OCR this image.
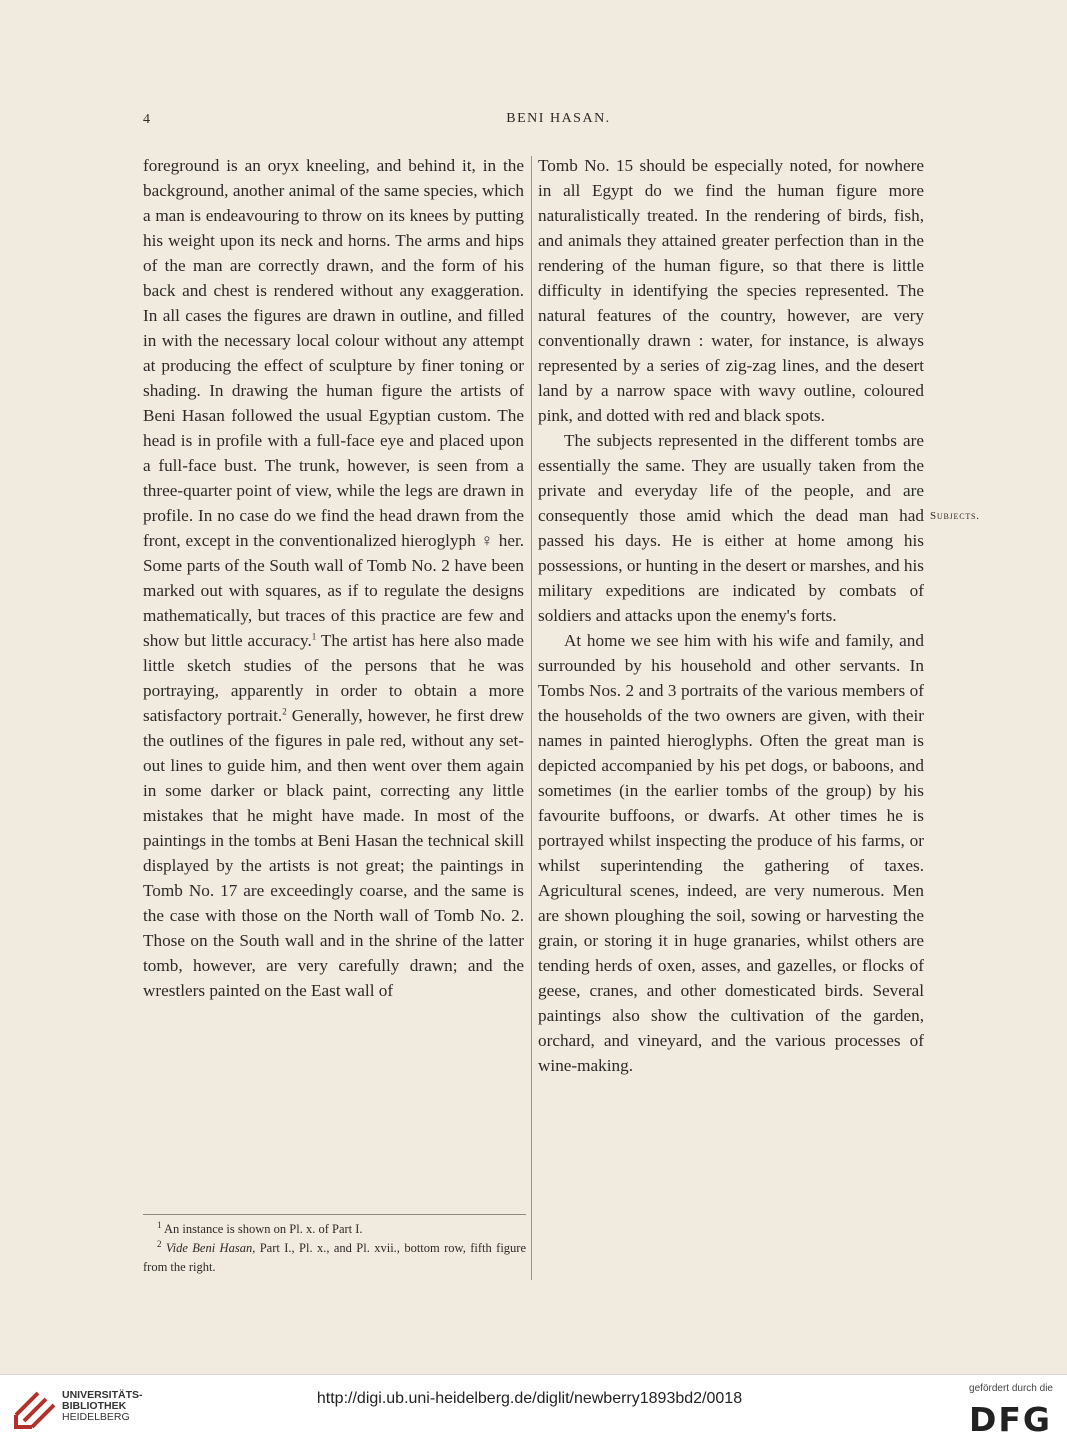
4	BENI HASAN.

foreground is an oryx kneeling, and behind it, in the background, another animal of the same species, which a man is endeavouring to throw on its knees by putting his weight upon its neck and horns. The arms and hips of the man are correctly drawn, and the form of his back and chest is rendered without any exaggeration. In all cases the figures are drawn in outline, and filled in with the necessary local colour without any attempt at producing the effect of sculpture by finer toning or shading. In drawing the human figure the artists of Beni Hasan followed the usual Egyptian custom. The head is in profile with a full-face eye and placed upon a full-face bust. The trunk, however, is seen from a three-quarter point of view, while the legs are drawn in profile. In no case do we find the head drawn from the front, except in the conventionalized hieroglyph ♀ her. Some parts of the South wall of Tomb No. 2 have been marked out with squares, as if to regulate the designs mathematically, but traces of this practice are few and show but little accuracy.$^1$ The artist has here also made little sketch studies of the persons that he was portraying, apparently in order to obtain a more satisfactory portrait.$^2$ Generally, however, he first drew the outlines of the figures in pale red, without any set-out lines to guide him, and then went over them again in some darker or black paint, correcting any little mistakes that he might have made. In most of the paintings in the tombs at Beni Hasan the technical skill displayed by the artists is not great; the paintings in Tomb No. 17 are exceedingly coarse, and the same is the case with those on the North wall of Tomb No. 2. Those on the South wall and in the shrine of the latter tomb, however, are very carefully drawn; and the wrestlers painted on the East wall of

Tomb No. 15 should be especially noted, for nowhere in all Egypt do we find the human figure more naturalistically treated. In the rendering of birds, fish, and animals they attained greater perfection than in the rendering of the human figure, so that there is little difficulty in identifying the species represented. The natural features of the country, however, are very conventionally drawn : water, for instance, is always represented by a series of zig-zag lines, and the desert land by a narrow space with wavy outline, coloured pink, and dotted with red and black spots.

The subjects represented in the different tombs are essentially the same. They are usually taken from the private and everyday life of the people, and are consequently those amid which the dead man had passed his days. He is either at home among his possessions, or hunting in the desert or marshes, and his military expeditions are indicated by combats of soldiers and attacks upon the enemy's forts.

At home we see him with his wife and family, and surrounded by his household and other servants. In Tombs Nos. 2 and 3 portraits of the various members of the households of the two owners are given, with their names in painted hieroglyphs. Often the great man is depicted accompanied by his pet dogs, or baboons, and sometimes (in the earlier tombs of the group) by his favourite buffoons, or dwarfs. At other times he is portrayed whilst inspecting the produce of his farms, or whilst superintending the gathering of taxes. Agricultural scenes, indeed, are very numerous. Men are shown ploughing the soil, sowing or harvesting the grain, or storing it in huge granaries, whilst others are tending herds of oxen, asses, and gazelles, or flocks of geese, cranes, and other domesticated birds. Several paintings also show the cultivation of the garden, orchard, and vineyard, and the various processes of wine-making.

Subjects.

$^1$ An instance is shown on Pl. x. of Part I.

$^2$ Vide Beni Hasan, Part I., Pl. x., and Pl. xvii., bottom row, fifth figure from the right.

UNIVERSITÄTS-
BIBLIOTHEK
HEIDELBERG
http://digi.ub.uni-heidelberg.de/diglit/newberry1893bd2/0018
gefördert durch die
DFG
